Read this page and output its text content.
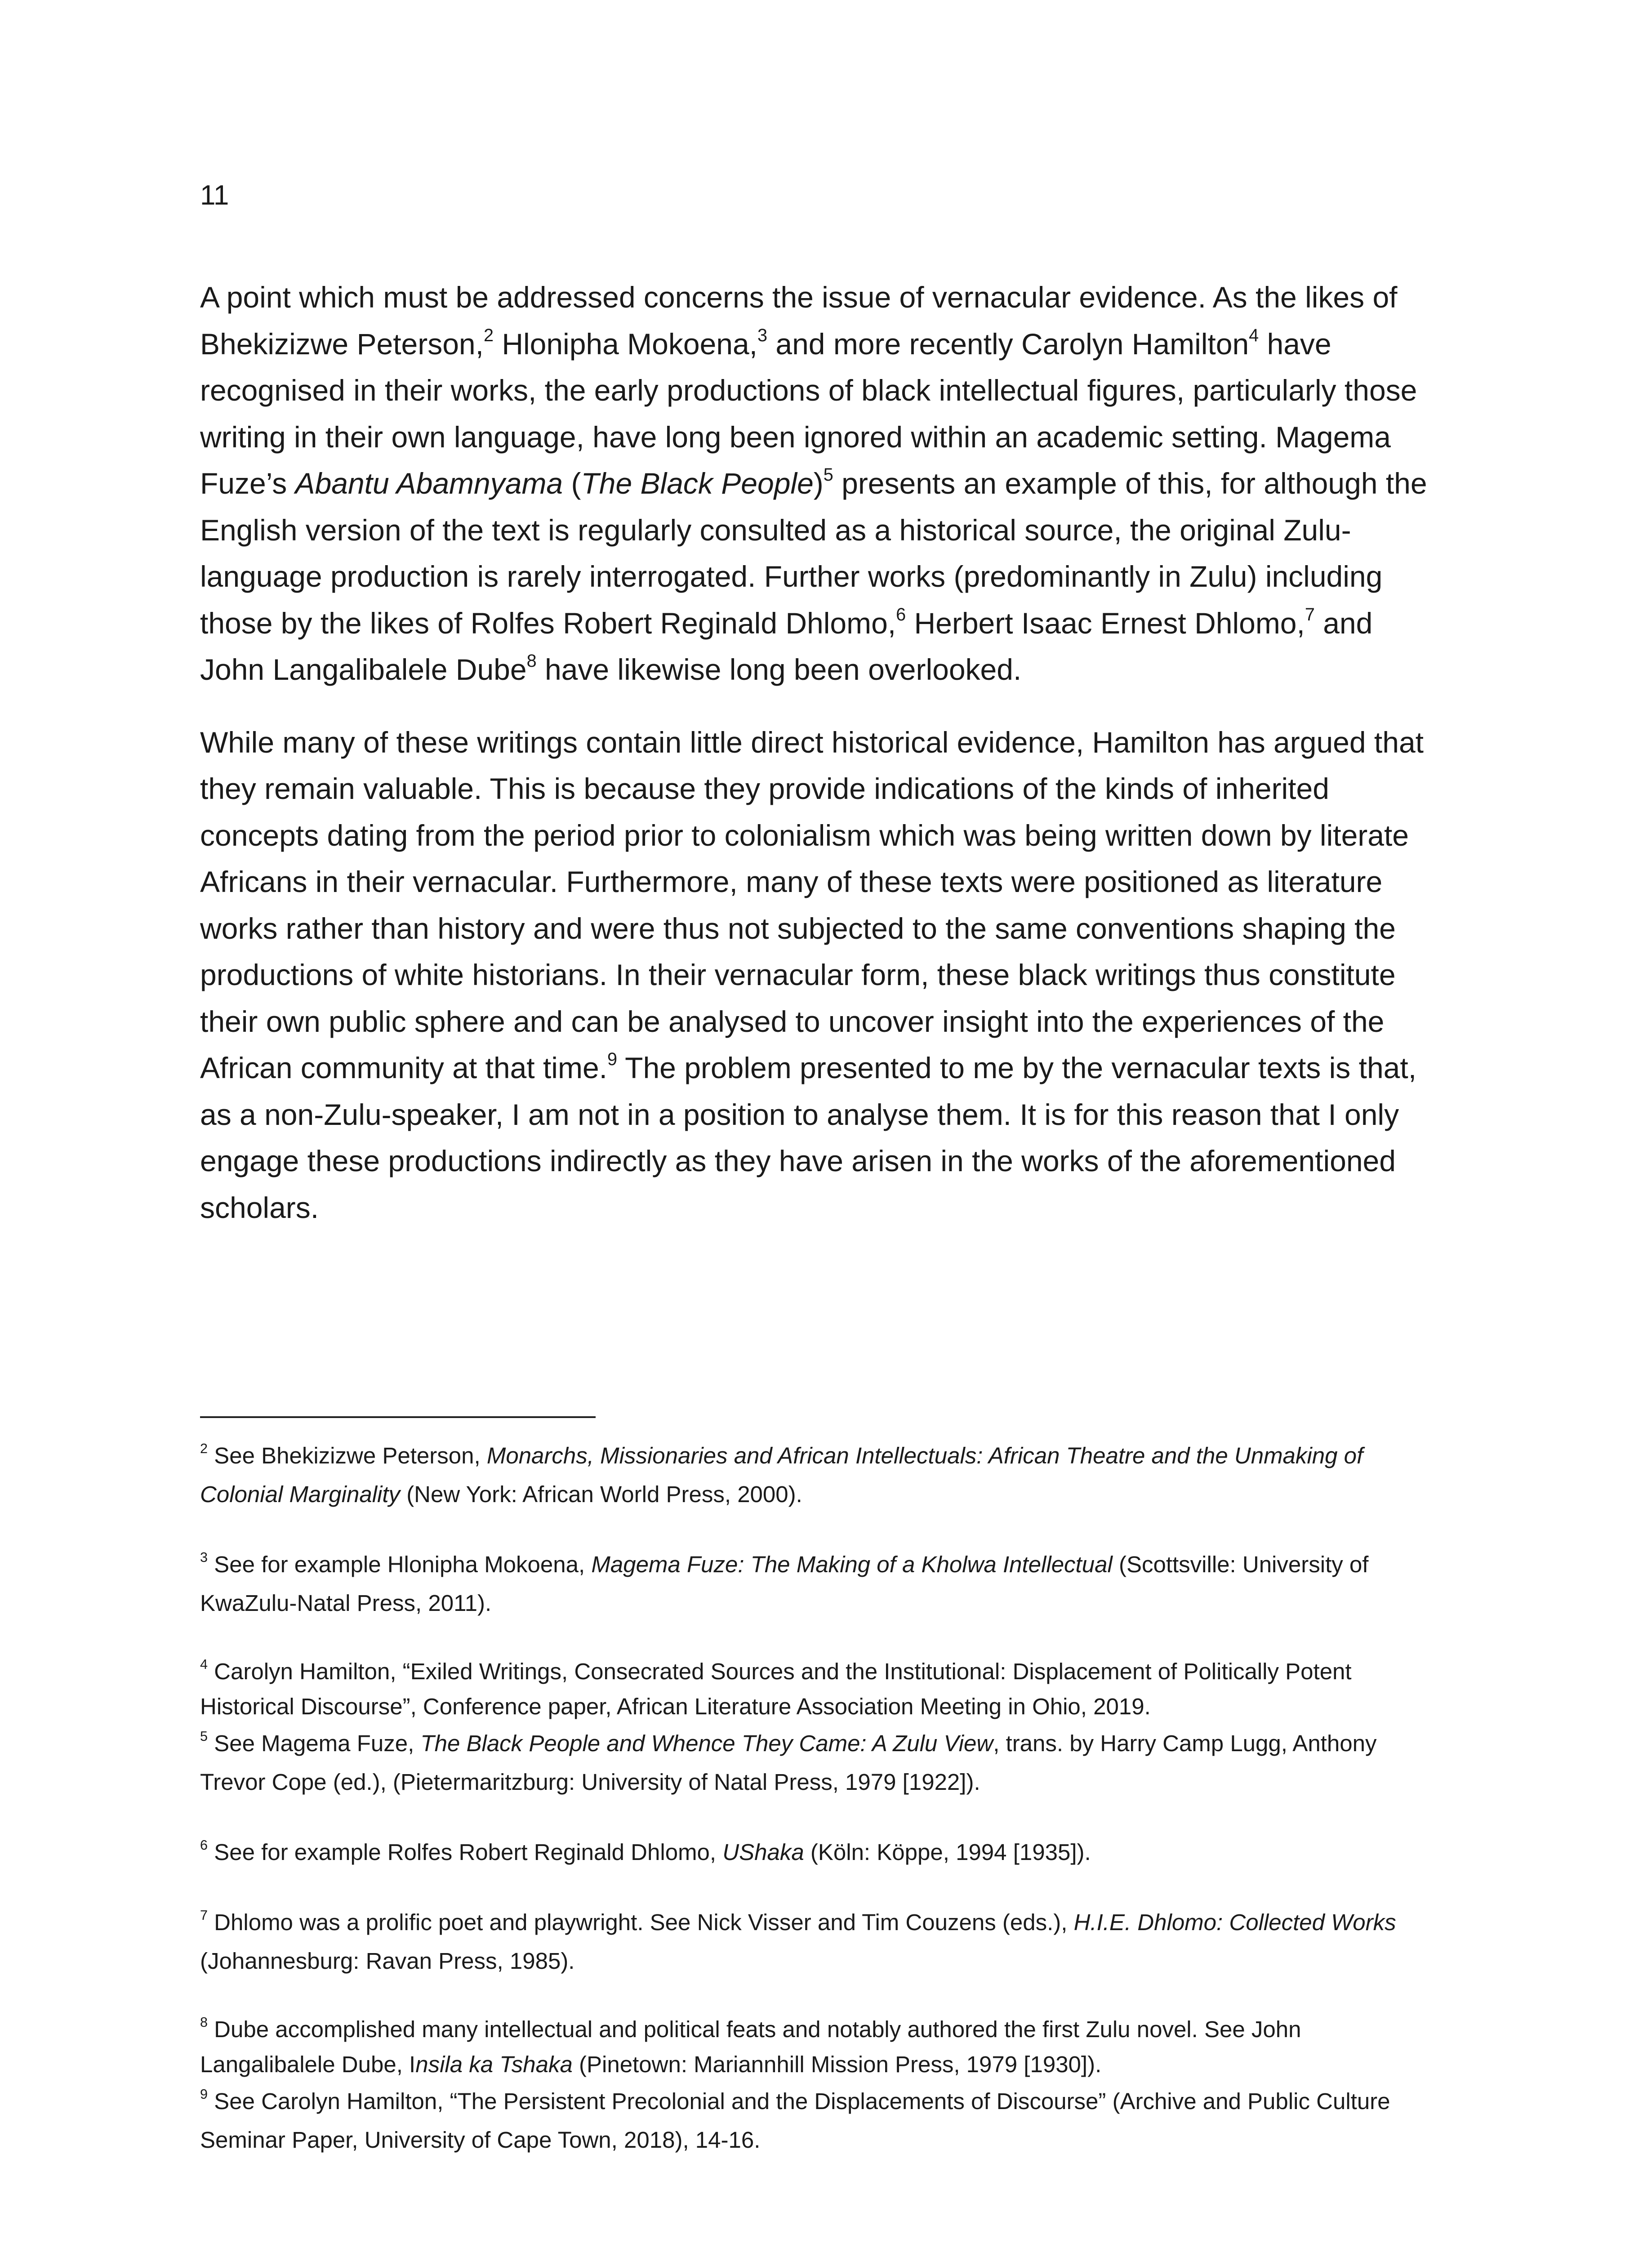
11

A point which must be addressed concerns the issue of vernacular evidence. As the likes of Bhekizizwe Peterson,$^2$ Hlonipha Mokoena,$^3$ and more recently Carolyn Hamilton$^4$ have recognised in their works, the early productions of black intellectual figures, particularly those writing in their own language, have long been ignored within an academic setting. Magema Fuze’s Abantu Abamnyama (The Black People)$^5$ presents an example of this, for although the English version of the text is regularly consulted as a historical source, the original Zulu-language production is rarely interrogated. Further works (predominantly in Zulu) including those by the likes of Rolfes Robert Reginald Dhlomo,$^6$ Herbert Isaac Ernest Dhlomo,$^7$ and John Langalibalele Dube$^8$ have likewise long been overlooked.

While many of these writings contain little direct historical evidence, Hamilton has argued that they remain valuable. This is because they provide indications of the kinds of inherited concepts dating from the period prior to colonialism which was being written down by literate Africans in their vernacular. Furthermore, many of these texts were positioned as literature works rather than history and were thus not subjected to the same conventions shaping the productions of white historians. In their vernacular form, these black writings thus constitute their own public sphere and can be analysed to uncover insight into the experiences of the African community at that time.$^9$ The problem presented to me by the vernacular texts is that, as a non-Zulu-speaker, I am not in a position to analyse them. It is for this reason that I only engage these productions indirectly as they have arisen in the works of the aforementioned scholars.

$^2$ See Bhekizizwe Peterson, Monarchs, Missionaries and African Intellectuals: African Theatre and the Unmaking of Colonial Marginality (New York: African World Press, 2000).

$^3$ See for example Hlonipha Mokoena, Magema Fuze: The Making of a Kholwa Intellectual (Scottsville: University of KwaZulu-Natal Press, 2011).

$^4$ Carolyn Hamilton, “Exiled Writings, Consecrated Sources and the Institutional: Displacement of Politically Potent Historical Discourse”, Conference paper, African Literature Association Meeting in Ohio, 2019.

$^5$ See Magema Fuze, The Black People and Whence They Came: A Zulu View, trans. by Harry Camp Lugg, Anthony Trevor Cope (ed.), (Pietermaritzburg: University of Natal Press, 1979 [1922]).

$^6$ See for example Rolfes Robert Reginald Dhlomo, UShaka (Köln: Köppe, 1994 [1935]).

$^7$ Dhlomo was a prolific poet and playwright. See Nick Visser and Tim Couzens (eds.), H.I.E. Dhlomo: Collected Works (Johannesburg: Ravan Press, 1985).

$^8$ Dube accomplished many intellectual and political feats and notably authored the first Zulu novel. See John Langalibalele Dube, Insila ka Tshaka (Pinetown: Mariannhill Mission Press, 1979 [1930]).

$^9$ See Carolyn Hamilton, “The Persistent Precolonial and the Displacements of Discourse” (Archive and Public Culture Seminar Paper, University of Cape Town, 2018), 14-16.
